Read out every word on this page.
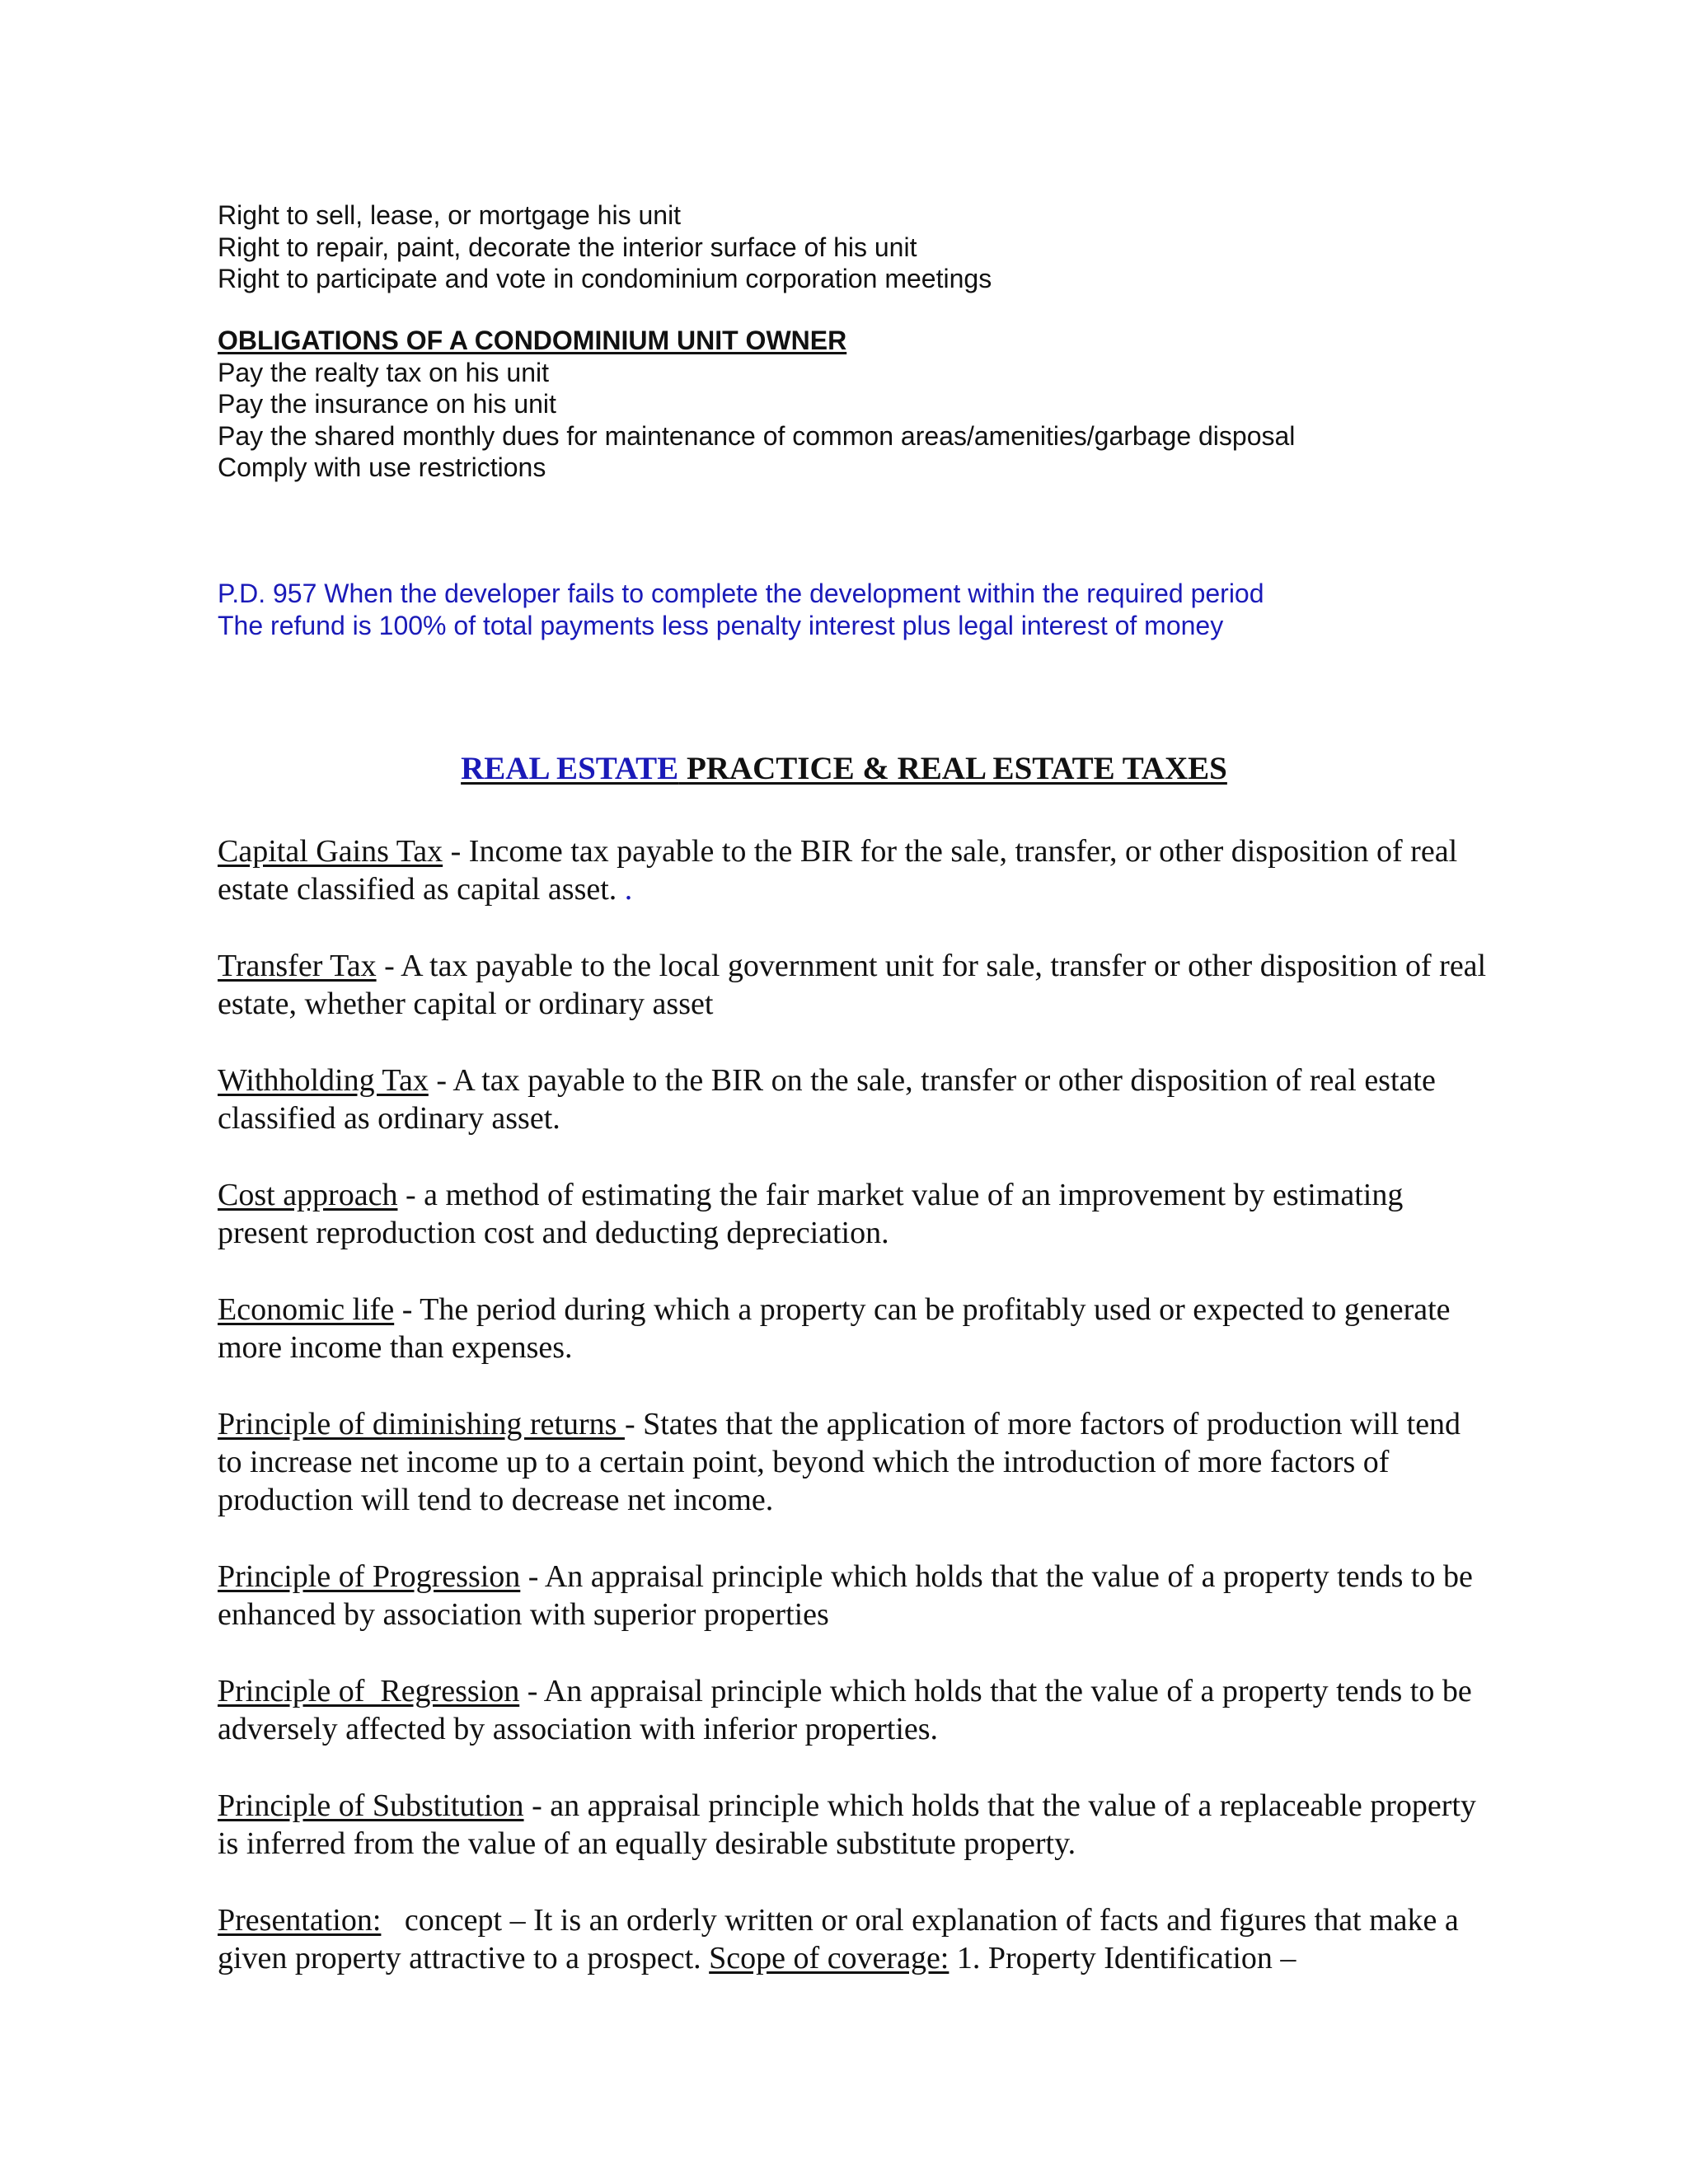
Right to sell, lease, or mortgage his unit
Right to repair, paint, decorate the interior surface of his unit
Right to participate and vote in condominium corporation meetings
OBLIGATIONS OF A CONDOMINIUM UNIT OWNER
Pay the realty tax on his unit
Pay the insurance on his unit
Pay the shared monthly dues for maintenance of common areas/amenities/garbage disposal
Comply with use restrictions
P.D. 957 When the developer fails to complete the development within the required period
The refund is 100% of total payments less penalty interest plus legal interest of money
REAL ESTATE PRACTICE & REAL ESTATE TAXES

Capital Gains Tax - Income tax payable to the BIR for the sale, transfer, or other disposition of real estate classified as capital asset. .

Transfer Tax - A tax payable to the local government unit for sale, transfer or other disposition of real estate, whether capital or ordinary asset

Withholding Tax - A tax payable to the BIR on the sale, transfer or other disposition of real estate classified as ordinary asset.

Cost approach - a method of estimating the fair market value of an improvement by estimating present reproduction cost and deducting depreciation.

Economic life - The period during which a property can be profitably used or expected to generate more income than expenses.

Principle of diminishing returns - States that the application of more factors of production will tend to increase net income up to a certain point, beyond which the introduction of more factors of production will tend to decrease net income.

Principle of Progression - An appraisal principle which holds that the value of a property tends to be enhanced by association with superior properties

Principle of  Regression - An appraisal principle which holds that the value of a property tends to be adversely affected by association with inferior properties.

Principle of Substitution - an appraisal principle which holds that the value of a replaceable property is inferred from the value of an equally desirable substitute property.

Presentation:   concept – It is an orderly written or oral explanation of facts and figures that make a given property attractive to a prospect. Scope of coverage: 1. Property Identification –
